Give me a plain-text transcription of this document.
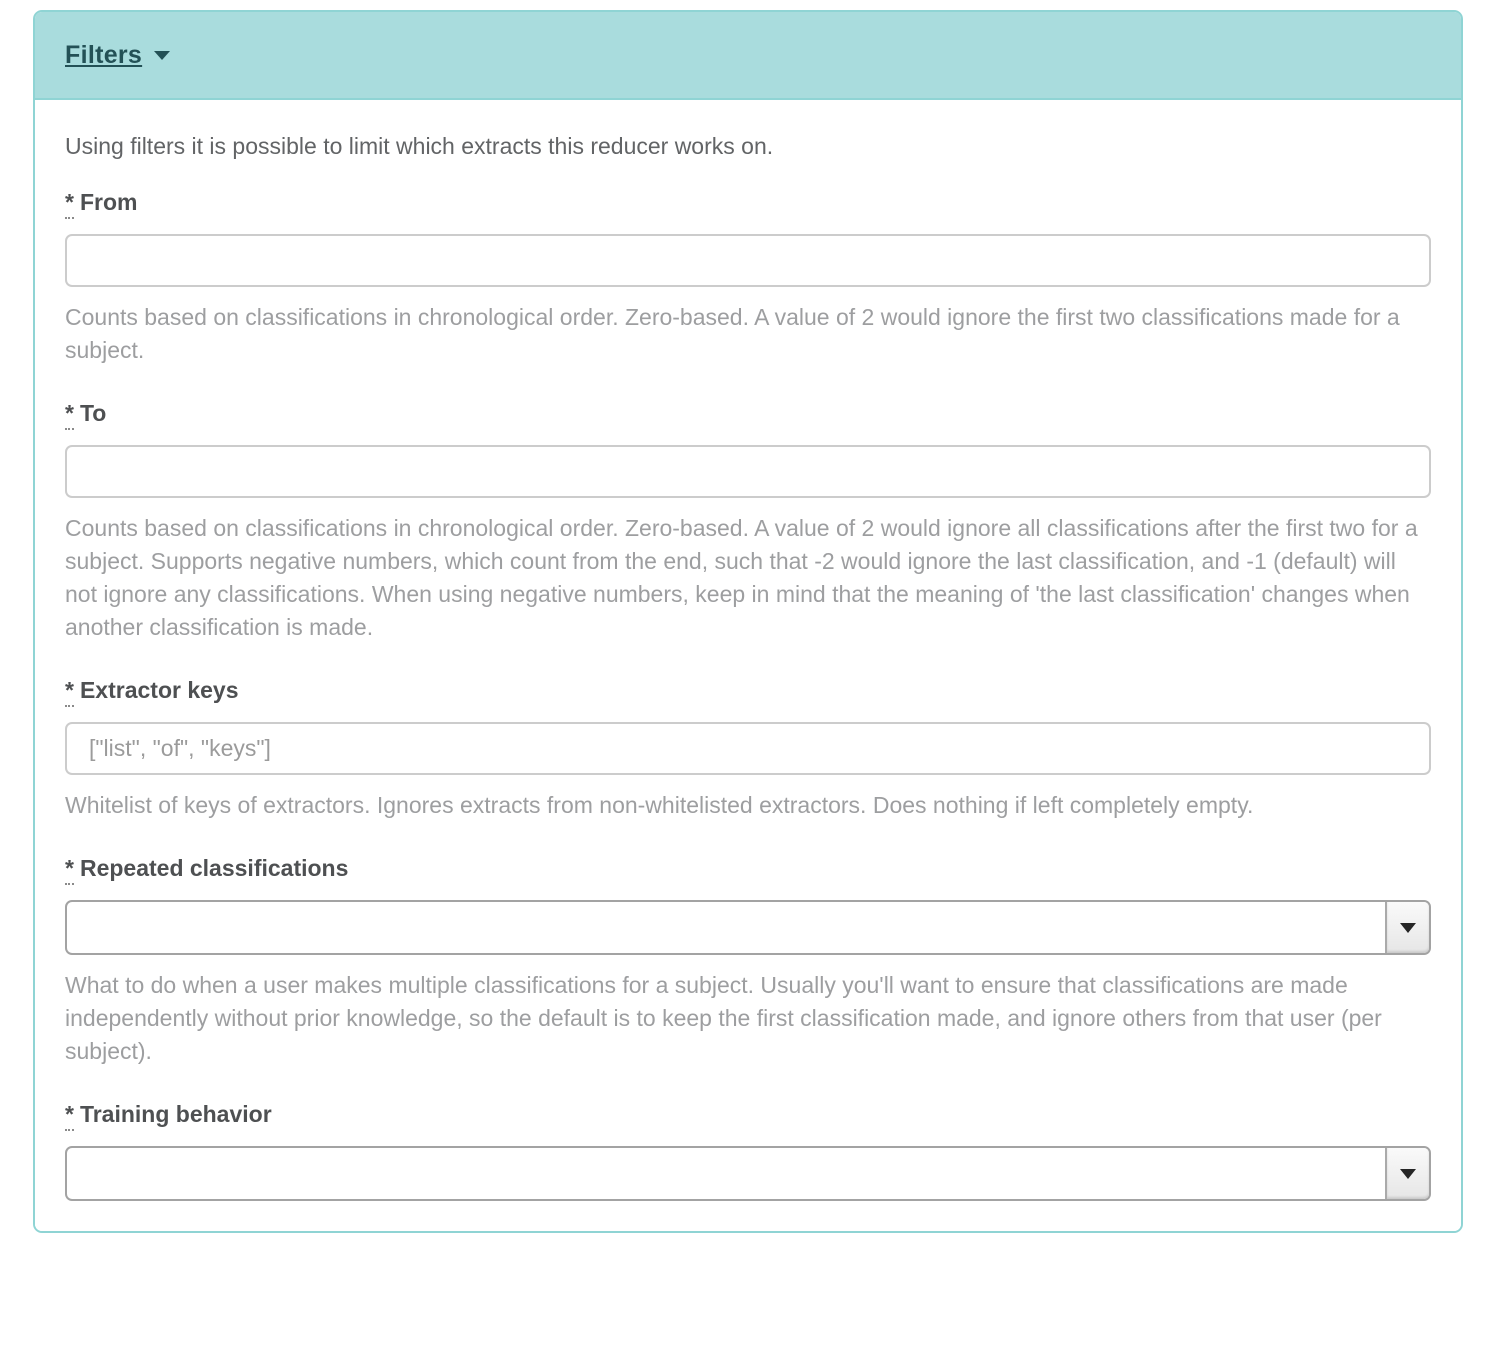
Filters

Using filters it is possible to limit which extracts this reducer works on.

* From

Counts based on classifications in chronological order. Zero-based. A value of 2 would ignore the first two classifications made for a subject.

* To

Counts based on classifications in chronological order. Zero-based. A value of 2 would ignore all classifications after the first two for a subject. Supports negative numbers, which count from the end, such that -2 would ignore the last classification, and -1 (default) will not ignore any classifications. When using negative numbers, keep in mind that the meaning of 'the last classification' changes when another classification is made.

* Extractor keys
["list", "of", "keys"]

Whitelist of keys of extractors. Ignores extracts from non-whitelisted extractors. Does nothing if left completely empty.

* Repeated classifications

What to do when a user makes multiple classifications for a subject. Usually you'll want to ensure that classifications are made independently without prior knowledge, so the default is to keep the first classification made, and ignore others from that user (per subject).

* Training behavior
